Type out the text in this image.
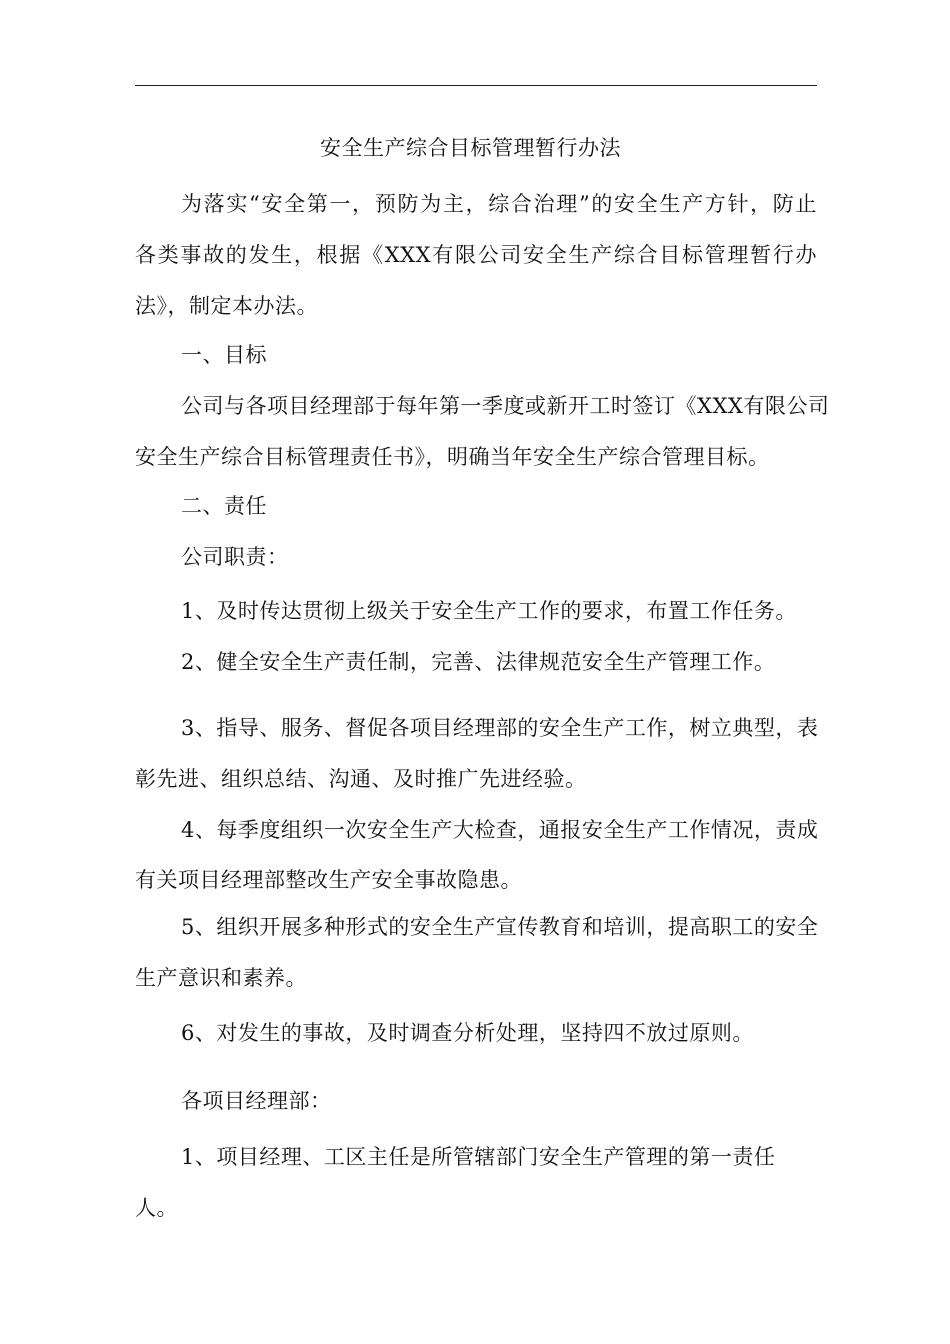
安全生产综合目标管理暂行办法
为落实“安全第一，预防为主，综合治理”的安全生产方针，防止
各类事故的发生，根据《XXX有限公司安全生产综合目标管理暂行办
法》，制定本办法。
一、目标
公司与各项目经理部于每年第一季度或新开工时签订《XXX有限公司
安全生产综合目标管理责任书》，明确当年安全生产综合管理目标。
二、责任
公司职责：
1、及时传达贯彻上级关于安全生产工作的要求，布置工作任务。
2、健全安全生产责任制，完善、法律规范安全生产管理工作。
3、指导、服务、督促各项目经理部的安全生产工作，树立典型，表
彰先进、组织总结、沟通、及时推广先进经验。
4、每季度组织一次安全生产大检查，通报安全生产工作情况，责成
有关项目经理部整改生产安全事故隐患。
5、组织开展多种形式的安全生产宣传教育和培训，提高职工的安全
生产意识和素养。
6、对发生的事故，及时调查分析处理，坚持四不放过原则。
各项目经理部：
1、项目经理、工区主任是所管辖部门安全生产管理的第一责任
人。
